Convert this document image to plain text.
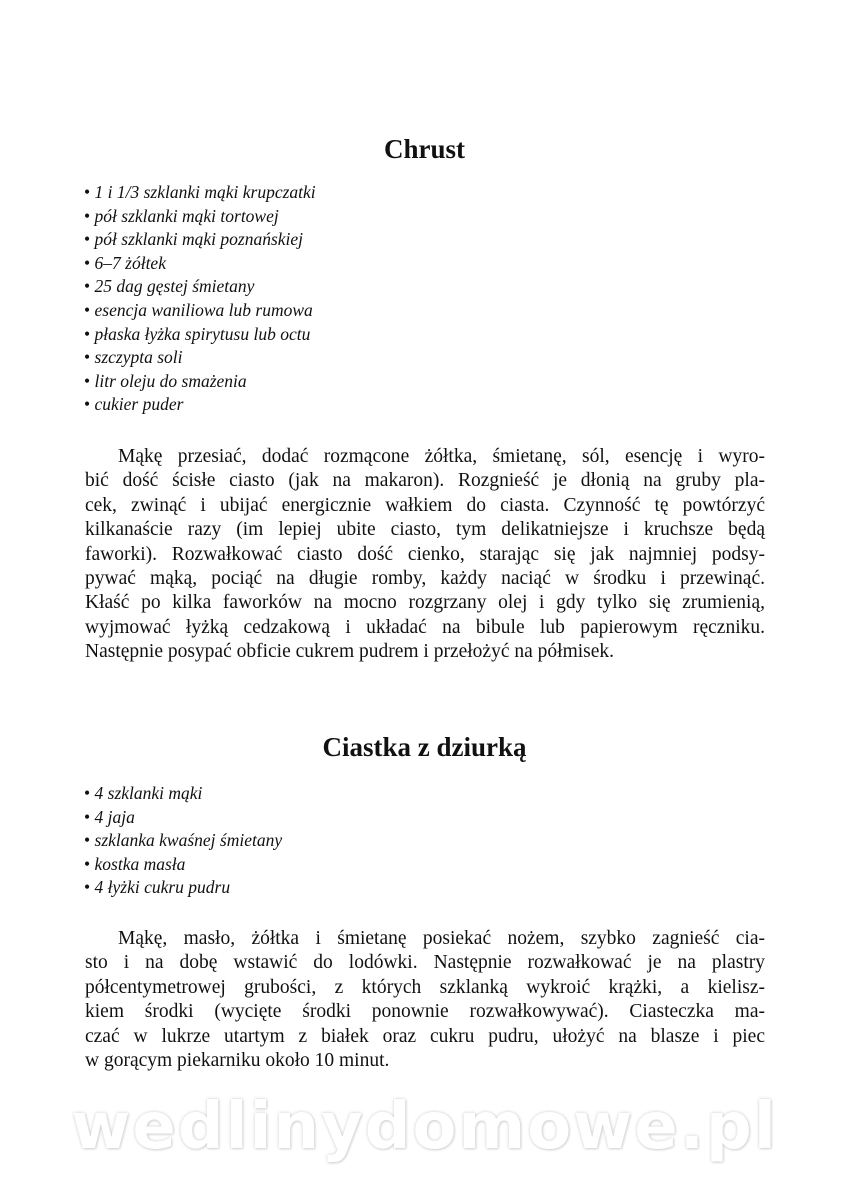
Chrust
• 1 i 1/3 szklanki mąki krupczatki
• pół szklanki mąki tortowej
• pół szklanki mąki poznańskiej
• 6–7 żółtek
• 25 dag gęstej śmietany
• esencja waniliowa lub rumowa
• płaska łyżka spirytusu lub octu
• szczypta soli
• litr oleju do smażenia
• cukier puder
Mąkę przesiać, dodać rozmącone żółtka, śmietanę, sól, esencję i wyro-
bić dość ścisłe ciasto (jak na makaron). Rozgnieść je dłonią na gruby pla-
cek, zwinąć i ubijać energicznie wałkiem do ciasta. Czynność tę powtórzyć
kilkanaście razy (im lepiej ubite ciasto, tym delikatniejsze i kruchsze będą
faworki). Rozwałkować ciasto dość cienko, starając się jak najmniej podsy-
pywać mąką, pociąć na długie romby, każdy naciąć w środku i przewinąć.
Kłaść po kilka faworków na mocno rozgrzany olej i gdy tylko się zrumienią,
wyjmować łyżką cedzakową i układać na bibule lub papierowym ręczniku.
Następnie posypać obficie cukrem pudrem i przełożyć na półmisek.
Ciastka z dziurką
• 4 szklanki mąki
• 4 jaja
• szklanka kwaśnej śmietany
• kostka masła
• 4 łyżki cukru pudru
Mąkę, masło, żółtka i śmietanę posiekać nożem, szybko zagnieść cia-
sto i na dobę wstawić do lodówki. Następnie rozwałkować je na plastry
półcentymetrowej grubości, z których szklanką wykroić krążki, a kielisz-
kiem środki (wycięte środki ponownie rozwałkowywać). Ciasteczka ma-
czać w lukrze utartym z białek oraz cukru pudru, ułożyć na blasze i piec
w gorącym piekarniku około 10 minut.
wedlinydomowe.pl
